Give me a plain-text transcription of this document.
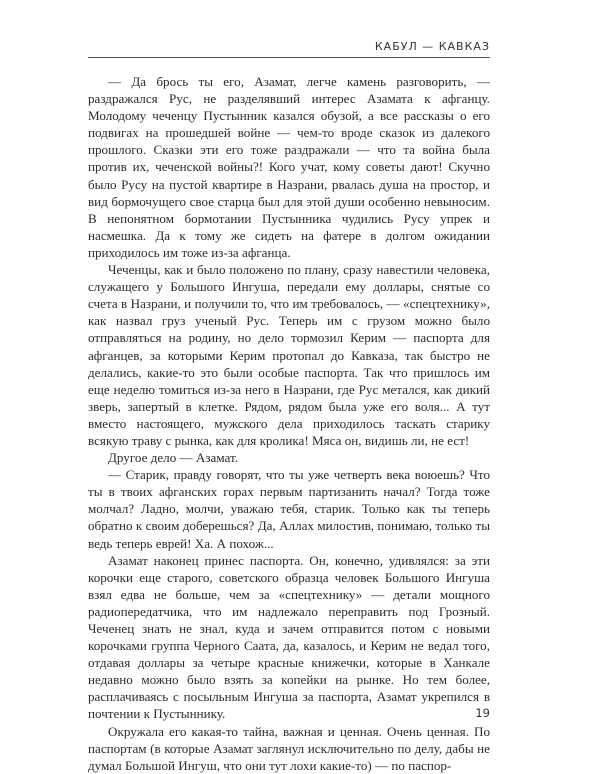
КАБУЛ — КАВКАЗ

— Да брось ты его, Азамат, легче камень разговорить, — раздражался Рус, не разделявший интерес Азамата к афганцу. Молодому чеченцу Пустынник казался обузой, а все рассказы о его подвигах на прошедшей войне — чем-то вроде сказок из далекого прошлого. Сказки эти его тоже раздражали — что та война была против их, чеченской войны?! Кого учат, кому советы дают! Скучно было Русу на пустой квартире в Назрани, рвалась душа на простор, и вид бормочущего свое старца был для этой души особенно невыносим. В непонятном бормотании Пустынника чудились Русу упрек и насмешка. Да к тому же сидеть на фатере в долгом ожидании приходилось им тоже из-за афганца.

Чеченцы, как и было положено по плану, сразу навестили человека, служащего у Большого Ингуша, передали ему доллары, снятые со счета в Назрани, и получили то, что им требовалось, — «спецтехнику», как назвал груз ученый Рус. Теперь им с грузом можно было отправляться на родину, но дело тормозил Керим — паспорта для афганцев, за которыми Керим протопал до Кавказа, так быстро не делались, какие-то это были особые паспорта. Так что пришлось им еще неделю томиться из-за него в Назрани, где Рус метался, как дикий зверь, запертый в клетке. Рядом, рядом была уже его воля... А тут вместо настоящего, мужского дела приходилось таскать старику всякую траву с рынка, как для кролика! Мяса он, видишь ли, не ест!

Другое дело — Азамат.

— Старик, правду говорят, что ты уже четверть века воюешь? Что ты в твоих афганских горах первым партизанить начал? Тогда тоже молчал? Ладно, молчи, уважаю тебя, старик. Только как ты теперь обратно к своим доберешься? Да, Аллах милостив, понимаю, только ты ведь теперь еврей! Ха. А похож...

Азамат наконец принес паспорта. Он, конечно, удивлялся: за эти корочки еще старого, советского образца человек Большого Ингуша взял едва не больше, чем за «спецтехнику» — детали мощного радиопередатчика, что им надлежало переправить под Грозный. Чеченец знать не знал, куда и зачем отправится потом с новыми корочками группа Черного Саата, да, казалось, и Керим не ведал того, отдавая доллары за четыре красные книжечки, которые в Ханкале недавно можно было взять за копейки на рынке. Но тем более, расплачиваясь с посыльным Ингуша за паспорта, Азамат укрепился в почтении к Пустыннику.

Окружала его какая-то тайна, важная и ценная. Очень ценная. По паспортам (в которые Азамат заглянул исключительно по делу, дабы не думал Большой Ингуш, что они тут лохи какие-то) — по паспор-

19
